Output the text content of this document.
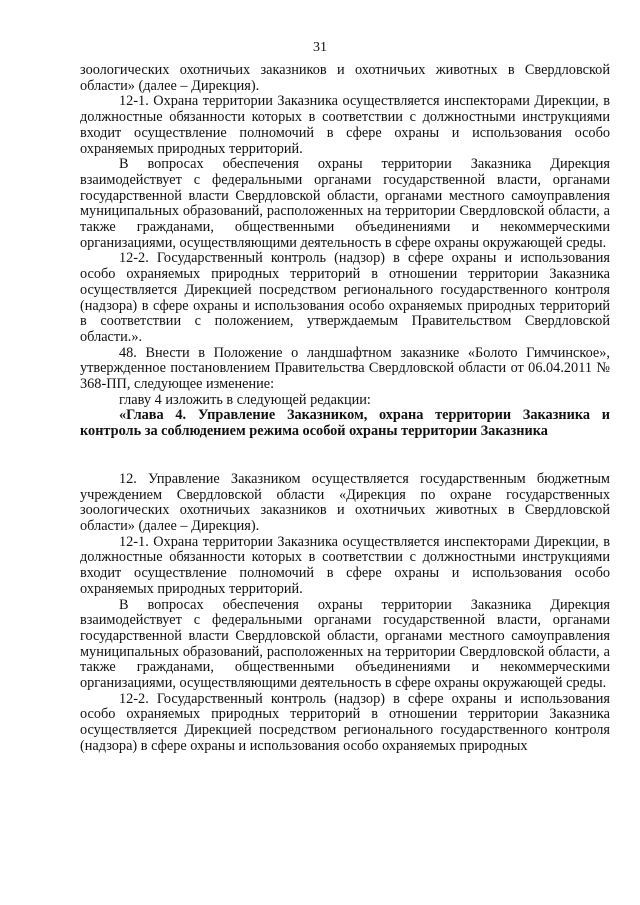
31

зоологических охотничьих заказников и охотничьих животных в Свердловской области» (далее – Дирекция).

12-1. Охрана территории Заказника осуществляется инспекторами Дирекции, в должностные обязанности которых в соответствии с должностными инструкциями входит осуществление полномочий в сфере охраны и использования особо охраняемых природных территорий.

В вопросах обеспечения охраны территории Заказника Дирекция взаимодействует с федеральными органами государственной власти, органами государственной власти Свердловской области, органами местного самоуправления муниципальных образований, расположенных на территории Свердловской области, а также гражданами, общественными объединениями и некоммерческими организациями, осуществляющими деятельность в сфере охраны окружающей среды.

12-2. Государственный контроль (надзор) в сфере охраны и использования особо охраняемых природных территорий в отношении территории Заказника осуществляется Дирекцией посредством регионального государственного контроля (надзора) в сфере охраны и использования особо охраняемых природных территорий в соответствии с положением, утверждаемым Правительством Свердловской области.».

48. Внести в Положение о ландшафтном заказнике «Болото Гимчинское», утвержденное постановлением Правительства Свердловской области от 06.04.2011 № 368-ПП, следующее изменение:

главу 4 изложить в следующей редакции:

«Глава 4. Управление Заказником, охрана территории Заказника и контроль за соблюдением режима особой охраны территории Заказника

12. Управление Заказником осуществляется государственным бюджетным учреждением Свердловской области «Дирекция по охране государственных зоологических охотничьих заказников и охотничьих животных в Свердловской области» (далее – Дирекция).

12-1. Охрана территории Заказника осуществляется инспекторами Дирекции, в должностные обязанности которых в соответствии с должностными инструкциями входит осуществление полномочий в сфере охраны и использования особо охраняемых природных территорий.

В вопросах обеспечения охраны территории Заказника Дирекция взаимодействует с федеральными органами государственной власти, органами государственной власти Свердловской области, органами местного самоуправления муниципальных образований, расположенных на территории Свердловской области, а также гражданами, общественными объединениями и некоммерческими организациями, осуществляющими деятельность в сфере охраны окружающей среды.

12-2. Государственный контроль (надзор) в сфере охраны и использования особо охраняемых природных территорий в отношении территории Заказника осуществляется Дирекцией посредством регионального государственного контроля (надзора) в сфере охраны и использования особо охраняемых природных
